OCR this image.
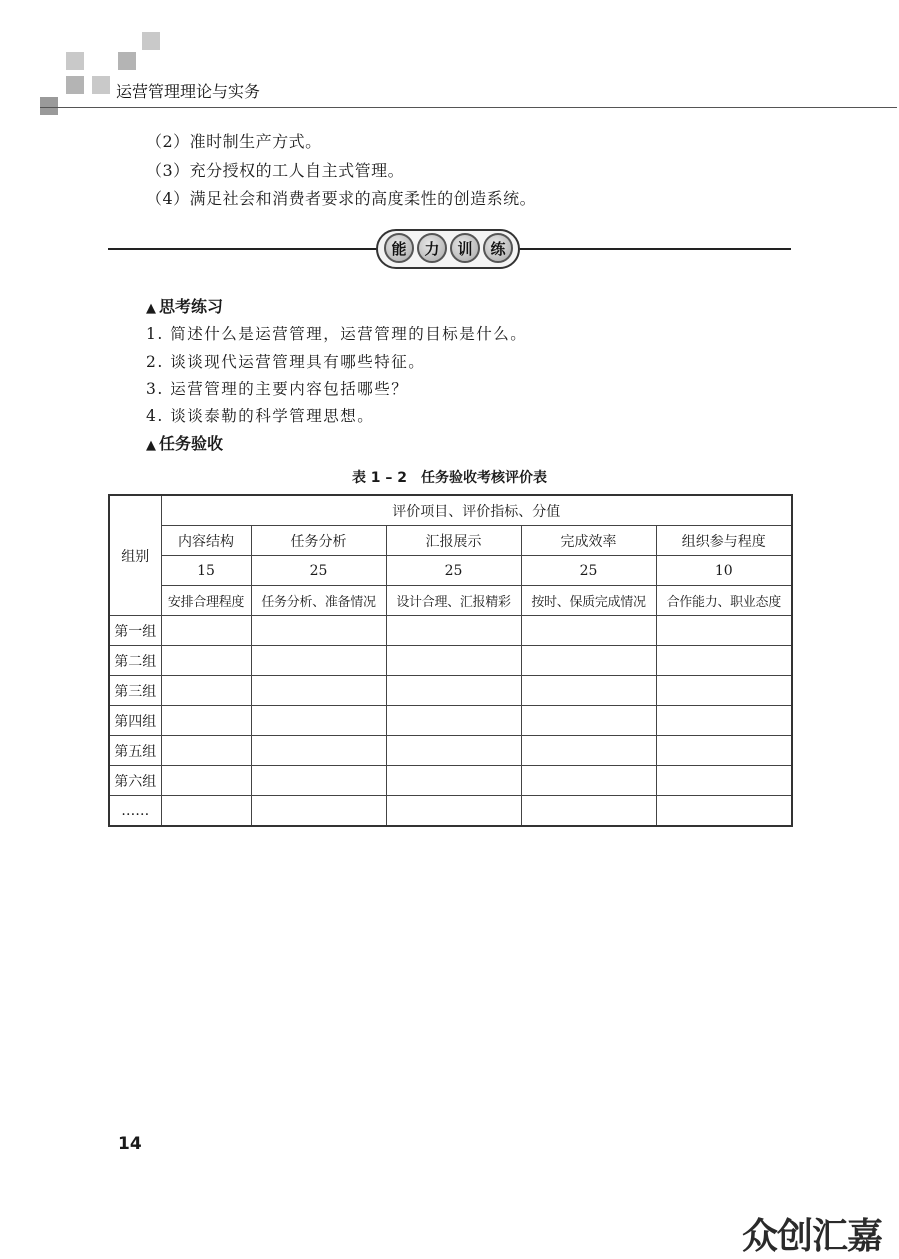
运营管理理论与实务
（2）准时制生产方式。
（3）充分授权的工人自主式管理。
（4）满足社会和消费者要求的高度柔性的创造系统。
能	力	训	练
▲ 思考练习
1. 简述什么是运营管理，运营管理的目标是什么。
2. 谈谈现代运营管理具有哪些特征。
3. 运营管理的主要内容包括哪些？
4. 谈谈泰勒的科学管理思想。
▲ 任务验收
表 1 – 2　任务验收考核评价表
组别	评价项目、评价指标、分值				
	内容结构	任务分析	汇报展示	完成效率	组织参与程度
	15	25	25	25	10
	安排合理程度	任务分析、准备情况	设计合理、汇报精彩	按时、保质完成情况	合作能力、职业态度
第一组					
第二组					
第三组					
第四组					
第五组					
第六组					
……					
14
众创汇嘉
